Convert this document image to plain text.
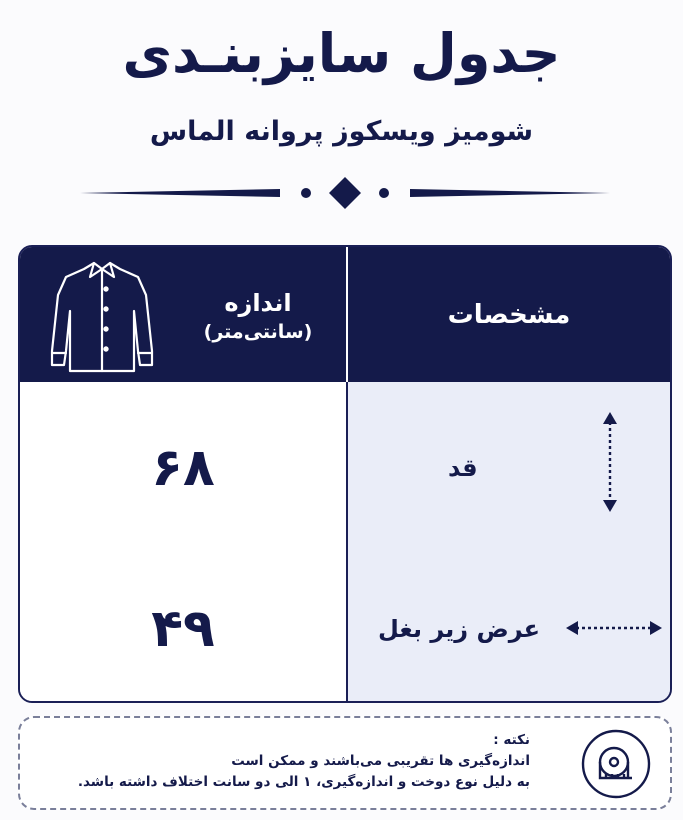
جدول سایزبنـدی
شومیز ویسکوز پروانه الماس
اندازه
(سانتی‌متر)
مشخصات
۶۸	قد
۴۹	عرض زیر بغل
نکته :
اندازه‌گیری ها تقریبی می‌باشند و ممکن است
به دلیل نوع دوخت و اندازه‌گیری، ۱ الی دو سانت اختلاف داشته باشد.
